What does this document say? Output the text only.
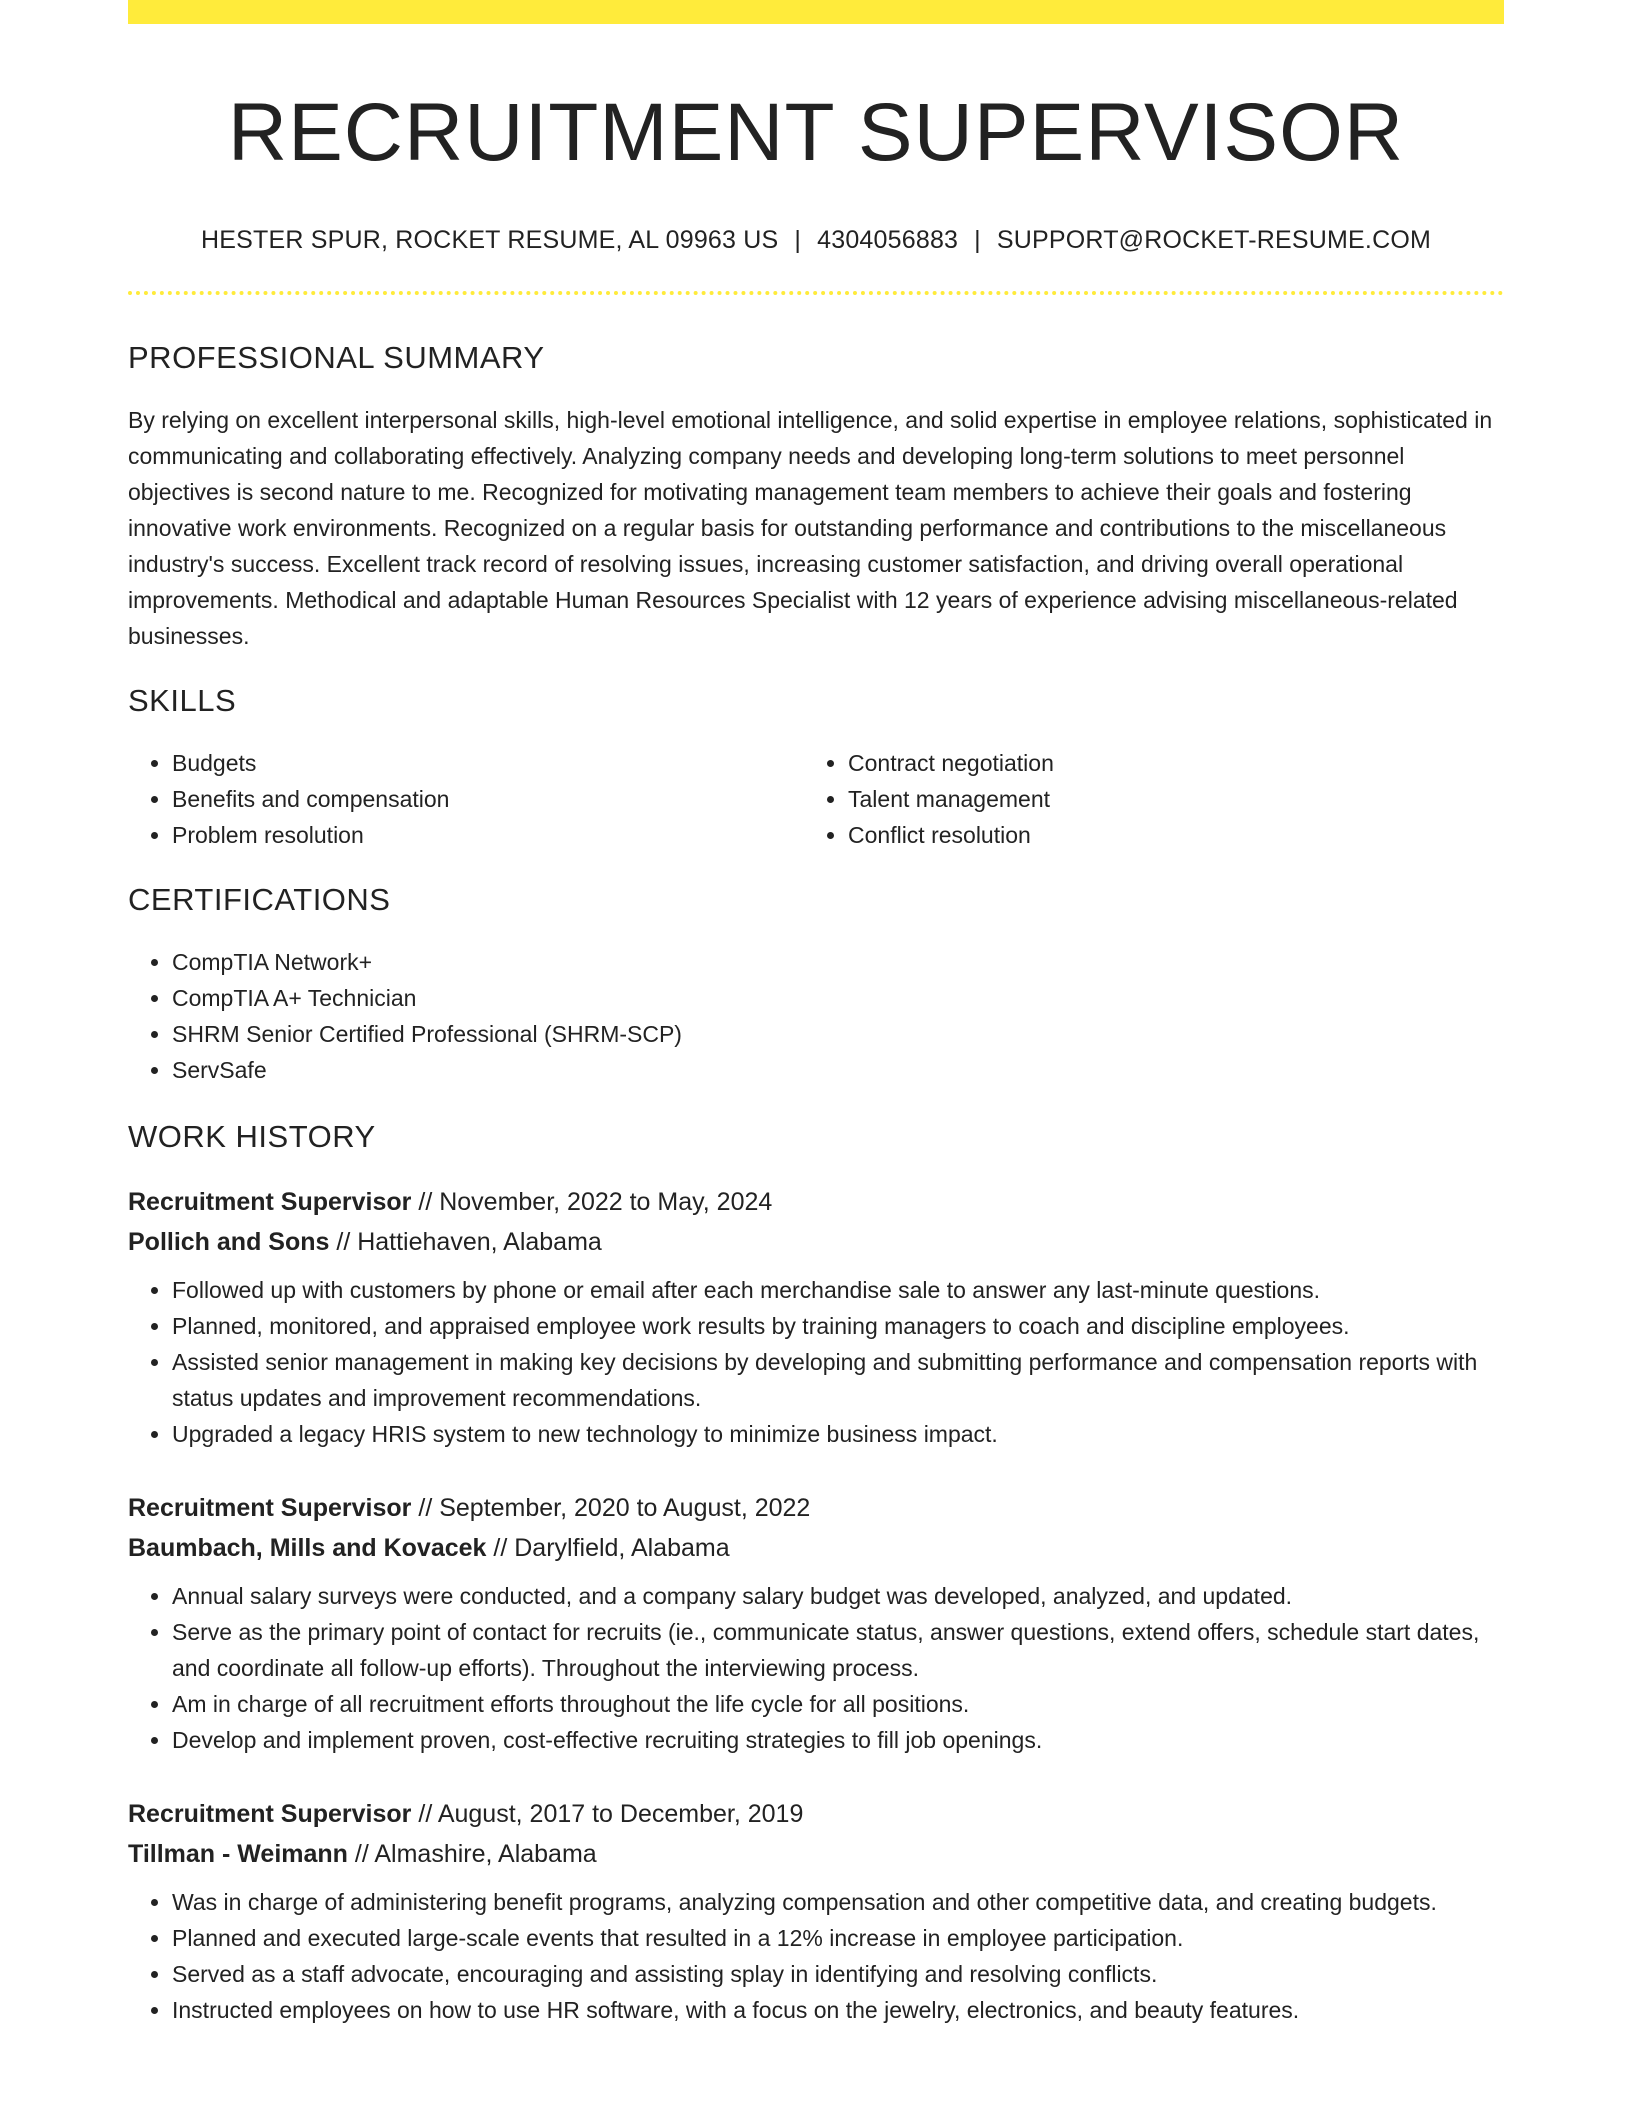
RECRUITMENT SUPERVISOR
HESTER SPUR, ROCKET RESUME, AL 09963 US | 4304056883 | SUPPORT@ROCKET-RESUME.COM
PROFESSIONAL SUMMARY
By relying on excellent interpersonal skills, high-level emotional intelligence, and solid expertise in employee relations, sophisticated in communicating and collaborating effectively. Analyzing company needs and developing long-term solutions to meet personnel objectives is second nature to me. Recognized for motivating management team members to achieve their goals and fostering innovative work environments. Recognized on a regular basis for outstanding performance and contributions to the miscellaneous industry's success. Excellent track record of resolving issues, increasing customer satisfaction, and driving overall operational improvements. Methodical and adaptable Human Resources Specialist with 12 years of experience advising miscellaneous-related businesses.
SKILLS
• Budgets
• Benefits and compensation
• Problem resolution
• Contract negotiation
• Talent management
• Conflict resolution
CERTIFICATIONS
• CompTIA Network+
• CompTIA A+ Technician
• SHRM Senior Certified Professional (SHRM-SCP)
• ServSafe
WORK HISTORY
Recruitment Supervisor // November, 2022 to May, 2024
Pollich and Sons // Hattiehaven, Alabama
• Followed up with customers by phone or email after each merchandise sale to answer any last-minute questions.
• Planned, monitored, and appraised employee work results by training managers to coach and discipline employees.
• Assisted senior management in making key decisions by developing and submitting performance and compensation reports with status updates and improvement recommendations.
• Upgraded a legacy HRIS system to new technology to minimize business impact.
Recruitment Supervisor // September, 2020 to August, 2022
Baumbach, Mills and Kovacek // Darylfield, Alabama
• Annual salary surveys were conducted, and a company salary budget was developed, analyzed, and updated.
• Serve as the primary point of contact for recruits (ie., communicate status, answer questions, extend offers, schedule start dates, and coordinate all follow-up efforts). Throughout the interviewing process.
• Am in charge of all recruitment efforts throughout the life cycle for all positions.
• Develop and implement proven, cost-effective recruiting strategies to fill job openings.
Recruitment Supervisor // August, 2017 to December, 2019
Tillman - Weimann // Almashire, Alabama
• Was in charge of administering benefit programs, analyzing compensation and other competitive data, and creating budgets.
• Planned and executed large-scale events that resulted in a 12% increase in employee participation.
• Served as a staff advocate, encouraging and assisting splay in identifying and resolving conflicts.
• Instructed employees on how to use HR software, with a focus on the jewelry, electronics, and beauty features.
